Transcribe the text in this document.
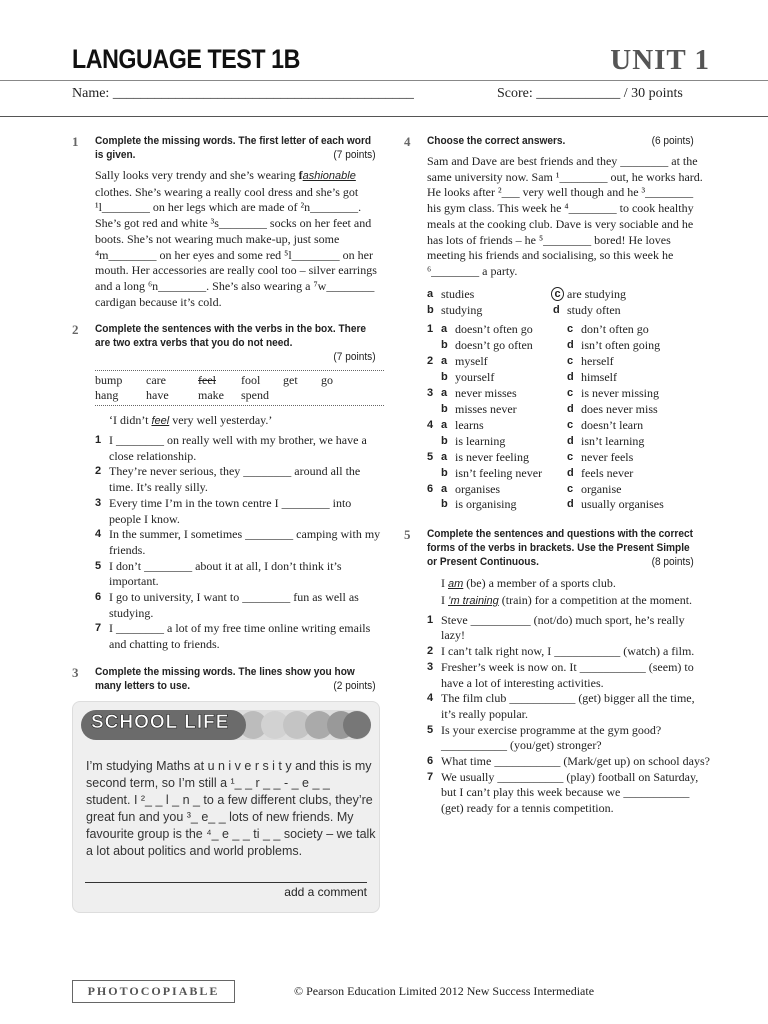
LANGUAGE TEST 1B	UNIT 1
Name: ___________________________________________	Score: ____________ / 30 points
1 Complete the missing words. The first letter of each word is given.	(7 points)
Sally looks very trendy and she’s wearing fashionable clothes. She’s wearing a really cool dress and she’s got ¹l________ on her legs which are made of ²n________. She’s got red and white ³s________ socks on her feet and boots. She’s not wearing much make-up, just some ⁴m________ on her eyes and some red ⁵l________ on her mouth. Her accessories are really cool too – silver earrings and a long ⁶n________. She’s also wearing a ⁷w________ cardigan because it’s cold.
2 Complete the sentences with the verbs in the box. There are two extra verbs that you do not need.

(7 points)
bump	care	feel	fool	get	go
hang	have	make	spend
‘I didn’t feel very well yesterday.’
1 I ________ on really well with my brother, we have a close relationship.
2 They’re never serious, they ________ around all the time. It’s really silly.
3 Every time I’m in the town centre I ________ into people I know.
4 In the summer, I sometimes ________ camping with my friends.
5 I don’t ________ about it at all, I don’t think it’s important.
6 I go to university, I want to ________ fun as well as studying.
7 I ________ a lot of my free time online writing emails and chatting to friends.
3 Complete the missing words. The lines show you how many letters to use.	(2 points)
SCHOOL LIFE
I’m studying Maths at u n i v e r s i t y and this is my second term, so I’m still a ¹_ _ r _ _ - _ e _ _ student. I ²_ _ l _ n _ to a few different clubs, they’re great fun and you ³_ e_ _ lots of new friends. My favourite group is the ⁴_ e _ _ ti _ _ society – we talk a lot about politics and world problems.
add a comment
4 Choose the correct answers.	(6 points)
Sam and Dave are best friends and they ________ at the same university now. Sam ¹________ out, he works hard. He looks after ²___ very well though and he ³________ his gym class. This week he ⁴________ to cook healthy meals at the cooking club. Dave is very sociable and he has lots of friends – he ⁵________ bored! He loves meeting his friends and socialising, so this week he ⁶________ a party.
a studies	c are studying
b studying	d study often
1 a doesn’t often go	c don’t often go
b doesn’t go often	d isn’t often going
2 a myself	c herself
b yourself	d himself
3 a never misses	c is never missing
b misses never	d does never miss
4 a learns	c doesn’t learn
b is learning	d isn’t learning
5 a is never feeling	c never feels
b isn’t feeling never	d feels never
6 a organises	c organise
b is organising	d usually organises
5 Complete the sentences and questions with the correct forms of the verbs in brackets. Use the Present Simple or Present Continuous.	(8 points)
I am (be) a member of a sports club.
I ’m training (train) for a competition at the moment.
1 Steve __________ (not/do) much sport, he’s really lazy!
2 I can’t talk right now, I ___________ (watch) a film.
3 Fresher’s week is now on. It ___________ (seem) to have a lot of interesting activities.
4 The film club ___________ (get) bigger all the time, it’s really popular.
5 Is your exercise programme at the gym good? ___________ (you/get) stronger?
6 What time ___________ (Mark/get up) on school days?
7 We usually ___________ (play) football on Saturday, but I can’t play this week because we ___________ (get) ready for a tennis competition.
PHOTOCOPIABLE	© Pearson Education Limited 2012 New Success Intermediate
